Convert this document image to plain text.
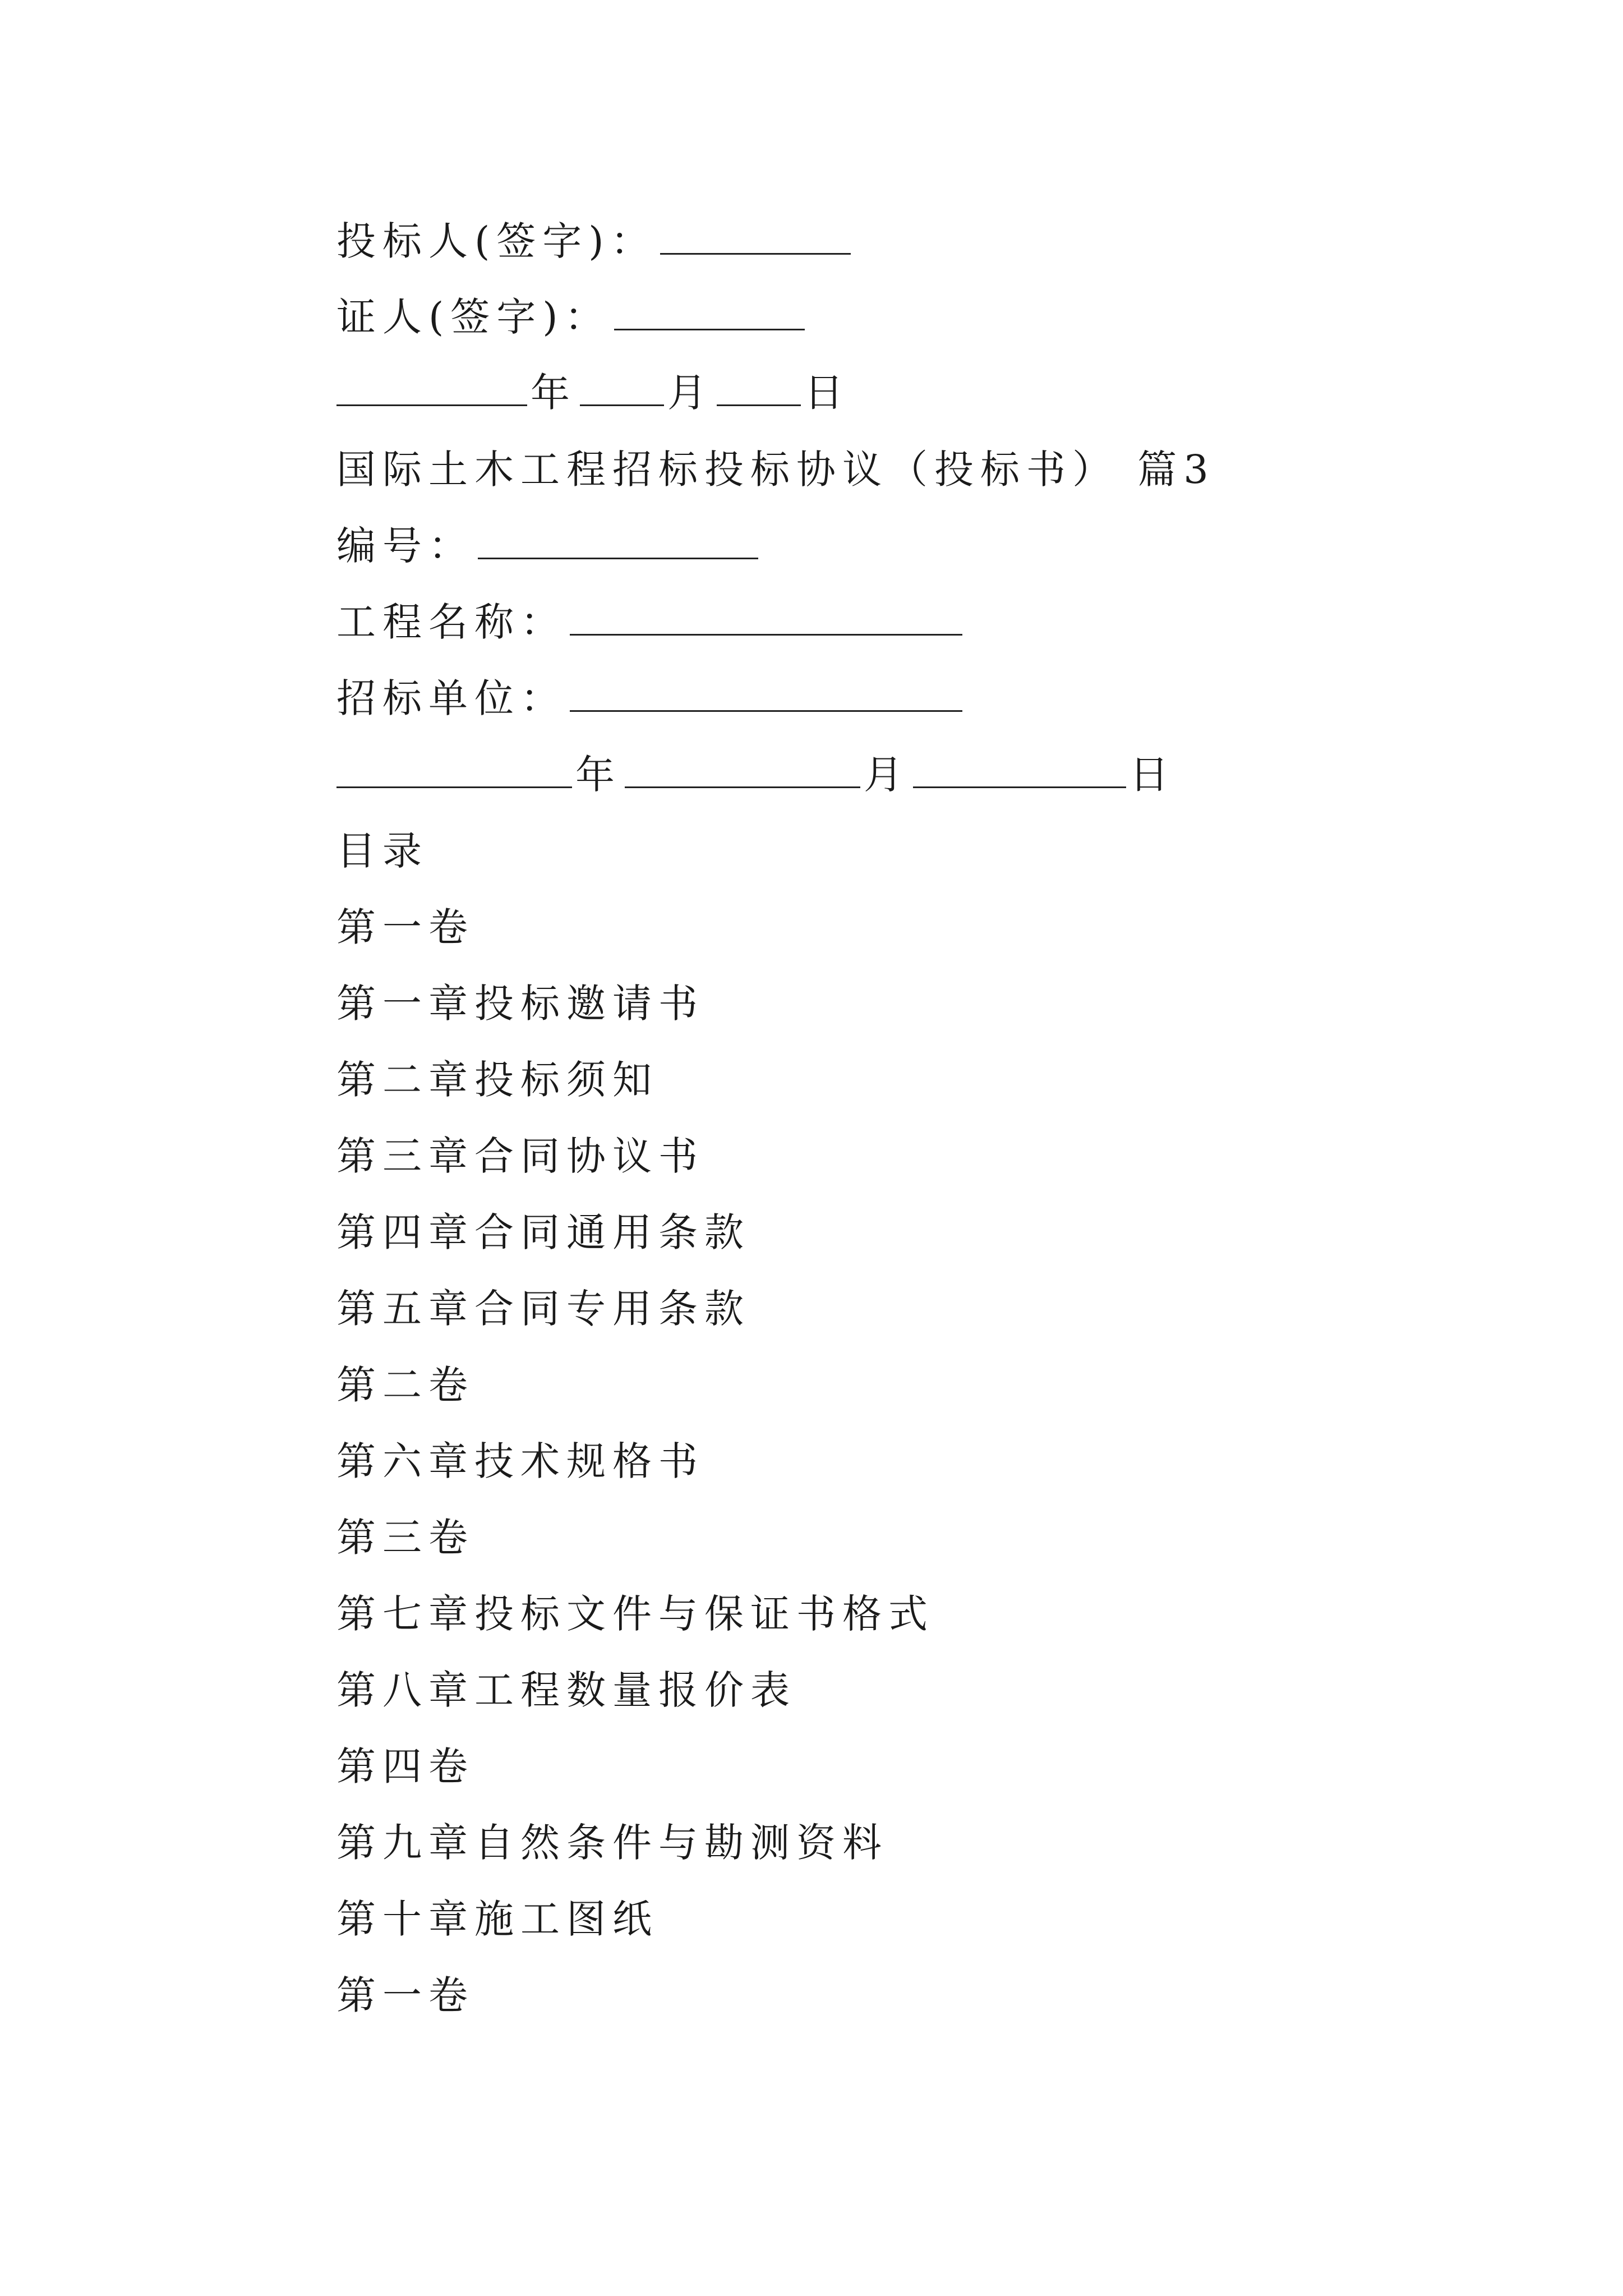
投标人(签字)：
证人(签字)：
年 月 日
国际土木工程招标投标协议（投标书） 篇3
编号：
工程名称：
招标单位：
年	月	日
目录
第一卷
第一章投标邀请书
第二章投标须知
第三章合同协议书
第四章合同通用条款
第五章合同专用条款
第二卷
第六章技术规格书
第三卷
第七章投标文件与保证书格式
第八章工程数量报价表
第四卷
第九章自然条件与勘测资料
第十章施工图纸
第一卷
